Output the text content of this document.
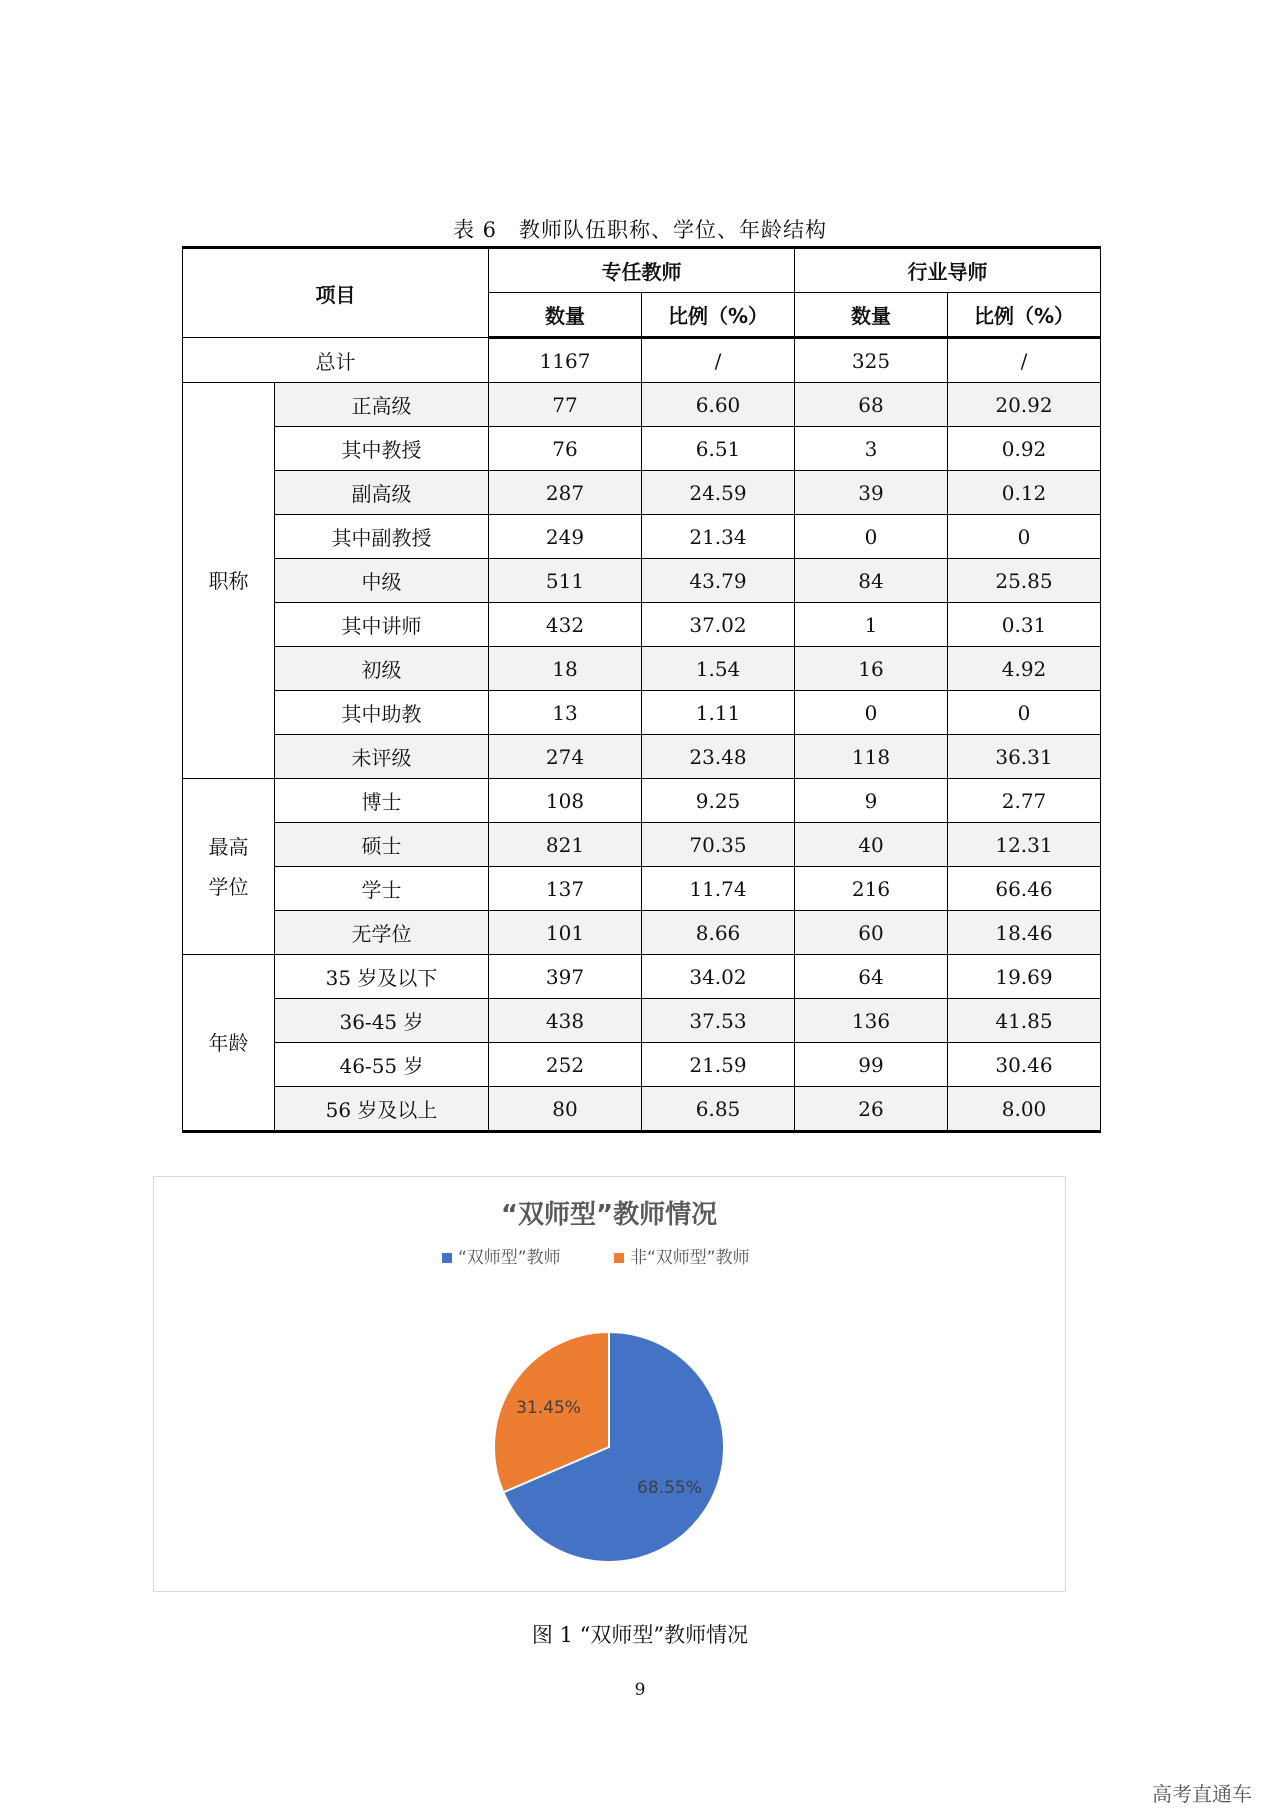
表 6　教师队伍职称、学位、年龄结构
项目		专任教师		行业导师	
		数量	比例（%）	数量	比例（%）
总计		1167	/	325	/
职称	正高级	77	6.60	68	20.92
	其中教授	76	6.51	3	0.92
	副高级	287	24.59	39	0.12
	其中副教授	249	21.34	0	0
	中级	511	43.79	84	25.85
	其中讲师	432	37.02	1	0.31
	初级	18	1.54	16	4.92
	其中助教	13	1.11	0	0
	未评级	274	23.48	118	36.31
最高
学位	博士	108	9.25	9	2.77
	硕士	821	70.35	40	12.31
	学士	137	11.74	216	66.46
	无学位	101	8.66	60	18.46
年龄	35 岁及以下	397	34.02	64	19.69
	36-45 岁	438	37.53	136	41.85
	46-55 岁	252	21.59	99	30.46
	56 岁及以上	80	6.85	26	8.00
“双师型”教师情况
“双师型”教师	非“双师型”教师
68.55%
31.45%
图 1 “双师型”教师情况
9
高考直通车
